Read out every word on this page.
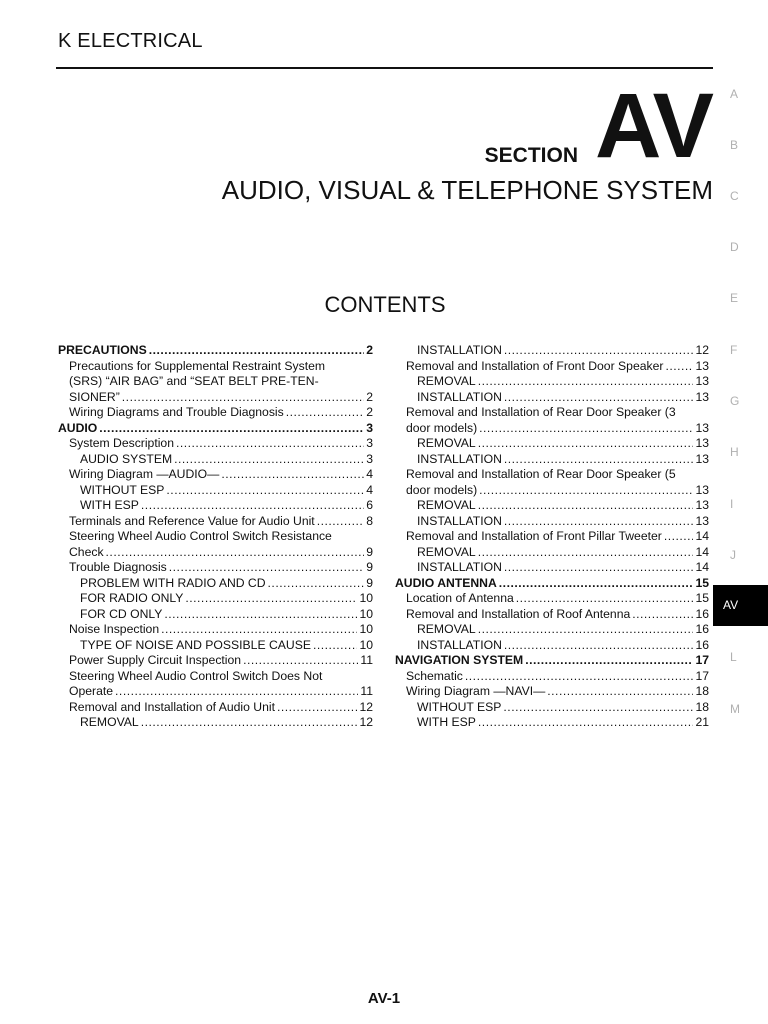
K ELECTRICAL
SECTION AV
AUDIO, VISUAL & TELEPHONE SYSTEM
CONTENTS
PRECAUTIONS .....	2
Precautions for Supplemental Restraint System
(SRS) “AIR BAG” and “SEAT BELT PRE-TEN-
SIONER” .....	2
Wiring Diagrams and Trouble Diagnosis .....	2
AUDIO .....	3
System Description .....	3
AUDIO SYSTEM .....	3
Wiring Diagram —AUDIO— .....	4
WITHOUT ESP .....	4
WITH ESP .....	6
Terminals and Reference Value for Audio Unit .....	8
Steering Wheel Audio Control Switch Resistance
Check .....	9
Trouble Diagnosis .....	9
PROBLEM WITH RADIO AND CD .....	9
FOR RADIO ONLY .....	10
FOR CD ONLY .....	10
Noise Inspection .....	10
TYPE OF NOISE AND POSSIBLE CAUSE .....	10
Power Supply Circuit Inspection .....	11
Steering Wheel Audio Control Switch Does Not
Operate .....	11
Removal and Installation of Audio Unit .....	12
REMOVAL .....	12
INSTALLATION .....	12
Removal and Installation of Front Door Speaker .....	13
REMOVAL .....	13
INSTALLATION .....	13
Removal and Installation of Rear Door Speaker (3
door models) .....	13
REMOVAL .....	13
INSTALLATION .....	13
Removal and Installation of Rear Door Speaker (5
door models) .....	13
REMOVAL .....	13
INSTALLATION .....	13
Removal and Installation of Front Pillar Tweeter .....	14
REMOVAL .....	14
INSTALLATION .....	14
AUDIO ANTENNA .....	15
Location of Antenna .....	15
Removal and Installation of Roof Antenna .....	16
REMOVAL .....	16
INSTALLATION .....	16
NAVIGATION SYSTEM .....	17
Schematic .....	17
Wiring Diagram —NAVI— .....	18
WITHOUT ESP .....	18
WITH ESP .....	21
A
B
C
D
E
F
G
H
I
J
L
M
AV
AV-1
